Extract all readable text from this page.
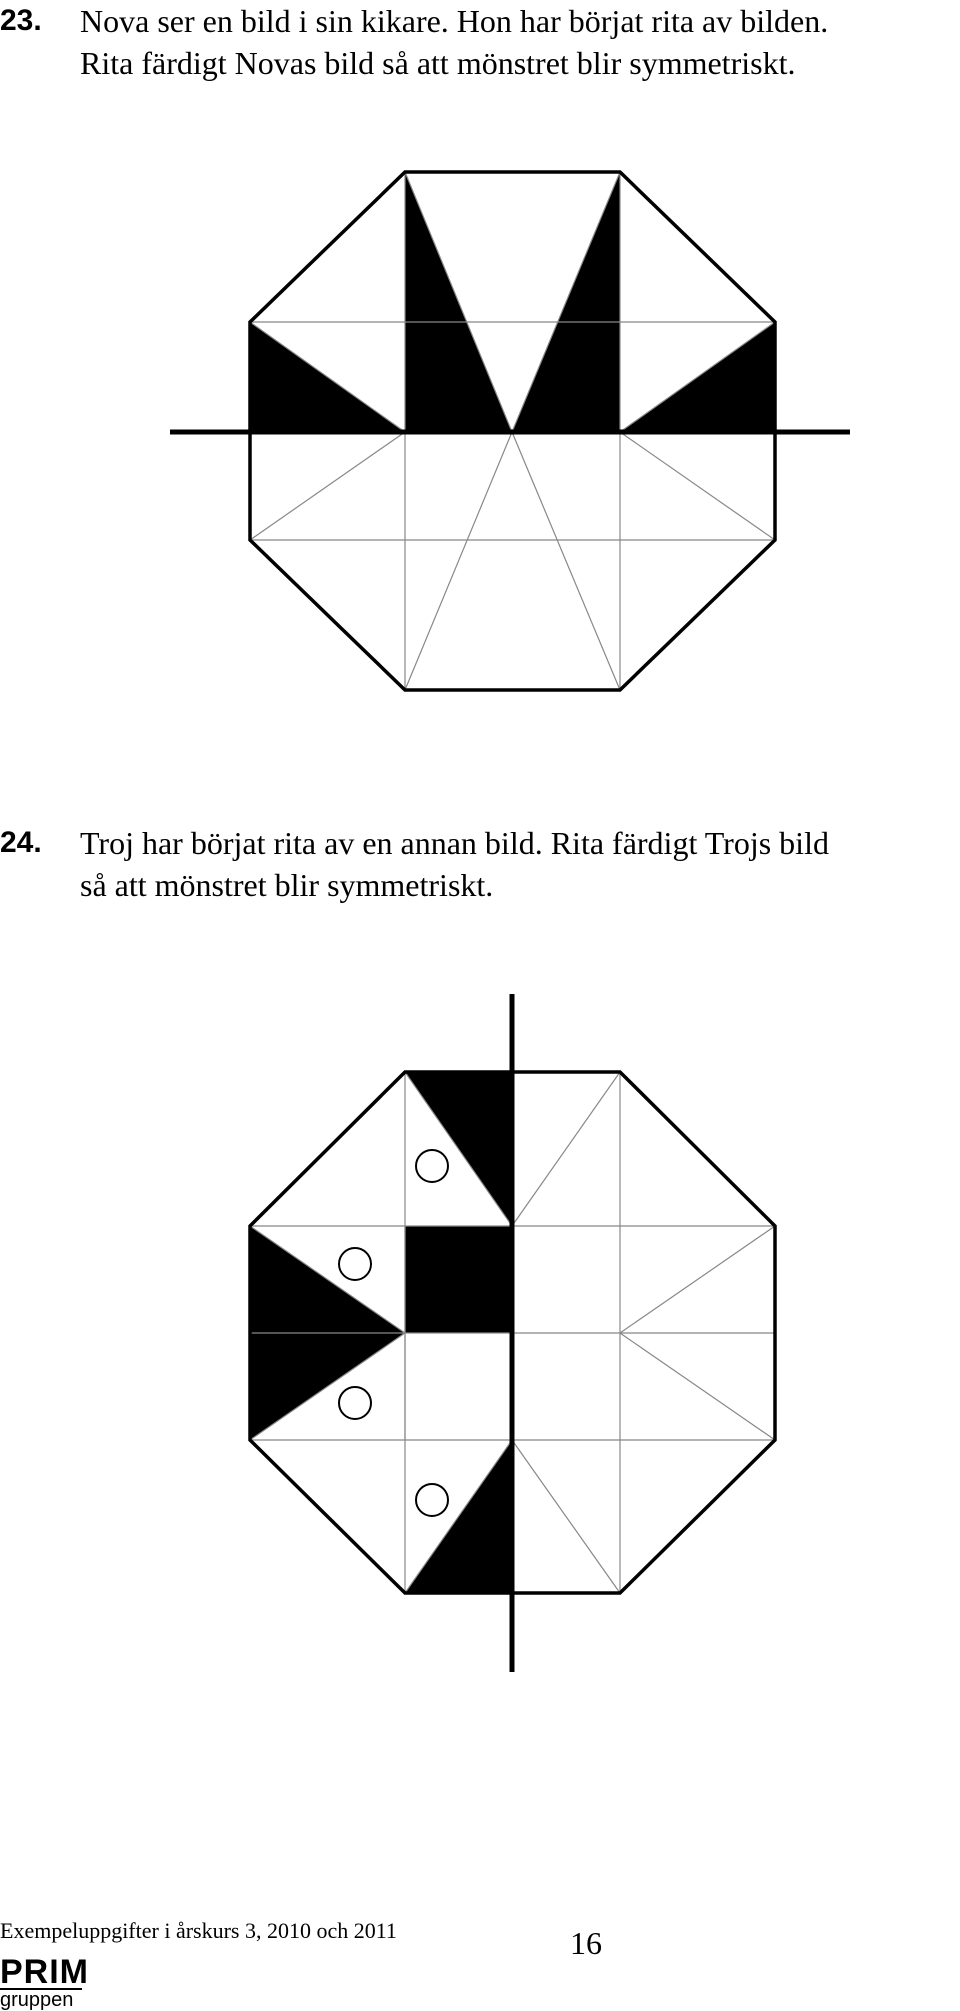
23. Nova ser en bild i sin kikare. Hon har börjat rita av bilden.
Rita färdigt Novas bild så att mönstret blir symmetriskt.
24. Troj har börjat rita av en annan bild. Rita färdigt Trojs bild
så att mönstret blir symmetriskt.
Exempeluppgifter i årskurs 3, 2010 och 2011	16
PRIM
gruppen
